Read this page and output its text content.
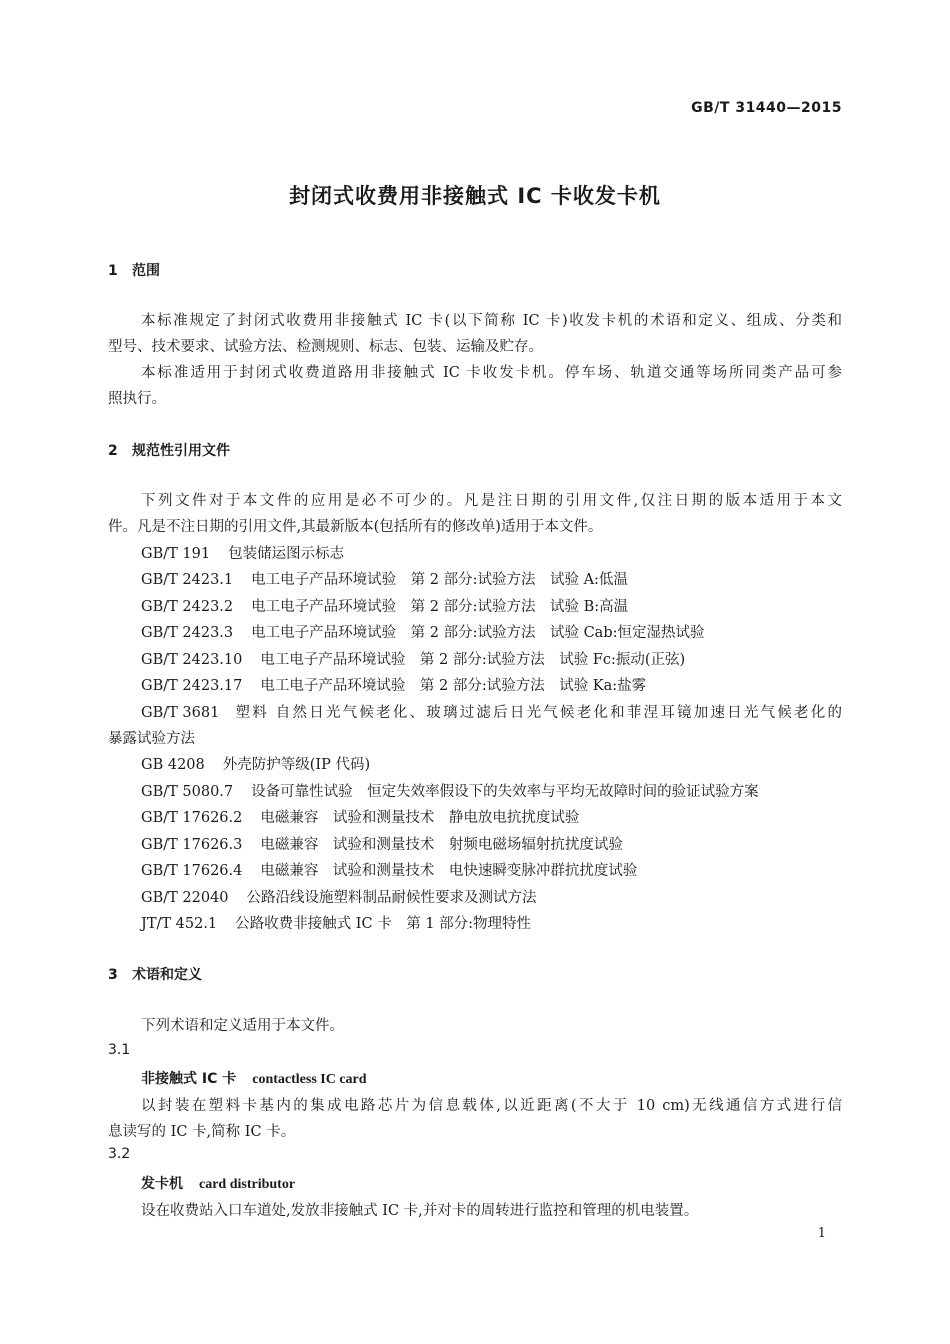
GB/T 31440—2015
封闭式收费用非接触式 IC 卡收发卡机
1 范围
本标准规定了封闭式收费用非接触式 IC 卡(以下简称 IC 卡)收发卡机的术语和定义、组成、分类和
型号、技术要求、试验方法、检测规则、标志、包装、运输及贮存。
本标准适用于封闭式收费道路用非接触式 IC 卡收发卡机。停车场、轨道交通等场所同类产品可参
照执行。
2 规范性引用文件
下列文件对于本文件的应用是必不可少的。凡是注日期的引用文件,仅注日期的版本适用于本文
件。凡是不注日期的引用文件,其最新版本(包括所有的修改单)适用于本文件。
GB/T 191 包装储运图示标志
GB/T 2423.1 电工电子产品环境试验　第 2 部分:试验方法　试验 A:低温
GB/T 2423.2 电工电子产品环境试验　第 2 部分:试验方法　试验 B:高温
GB/T 2423.3 电工电子产品环境试验　第 2 部分:试验方法　试验 Cab:恒定湿热试验
GB/T 2423.10 电工电子产品环境试验　第 2 部分:试验方法　试验 Fc:振动(正弦)
GB/T 2423.17 电工电子产品环境试验　第 2 部分:试验方法　试验 Ka:盐雾
GB/T 3681 塑料 自然日光气候老化、玻璃过滤后日光气候老化和菲涅耳镜加速日光气候老化的
暴露试验方法
GB 4208 外壳防护等级(IP 代码)
GB/T 5080.7 设备可靠性试验　恒定失效率假设下的失效率与平均无故障时间的验证试验方案
GB/T 17626.2 电磁兼容　试验和测量技术　静电放电抗扰度试验
GB/T 17626.3 电磁兼容　试验和测量技术　射频电磁场辐射抗扰度试验
GB/T 17626.4 电磁兼容　试验和测量技术　电快速瞬变脉冲群抗扰度试验
GB/T 22040 公路沿线设施塑料制品耐候性要求及测试方法
JT/T 452.1 公路收费非接触式 IC 卡　第 1 部分:物理特性
3 术语和定义
下列术语和定义适用于本文件。
3.1
非接触式 IC 卡 contactless IC card
以封装在塑料卡基内的集成电路芯片为信息载体,以近距离(不大于 10 cm)无线通信方式进行信
息读写的 IC 卡,简称 IC 卡。
3.2
发卡机 card distributor
设在收费站入口车道处,发放非接触式 IC 卡,并对卡的周转进行监控和管理的机电装置。
1
